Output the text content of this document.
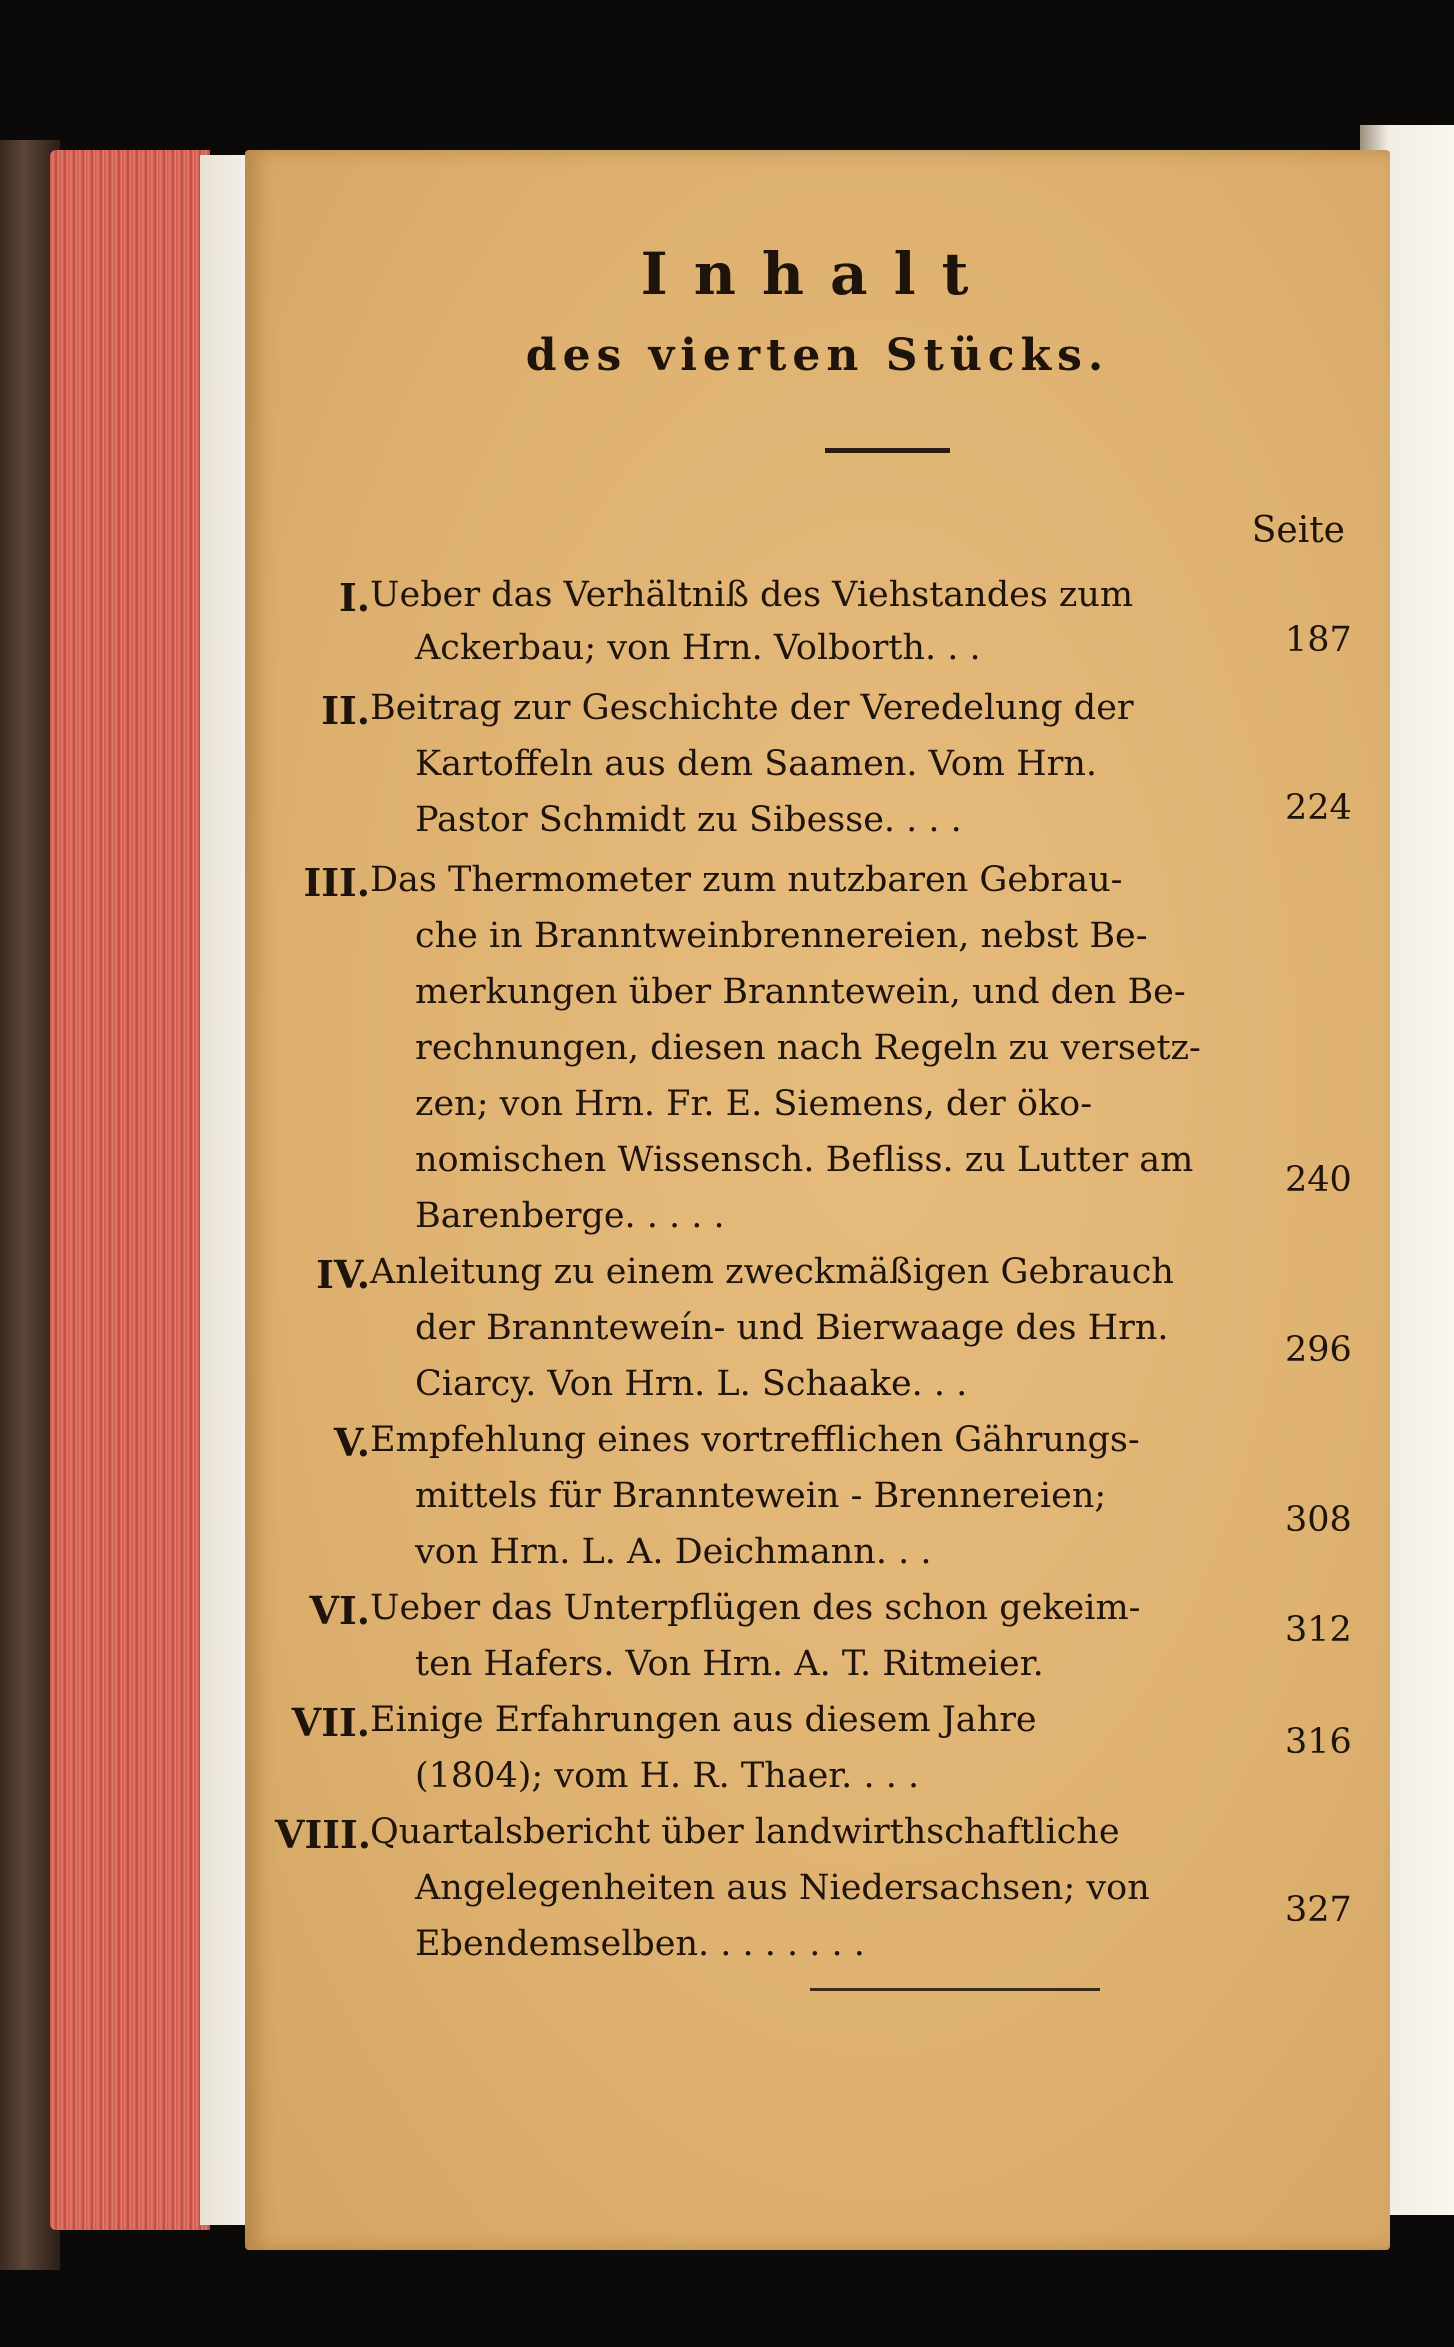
Inhalt
des vierten Stücks.
Seite
I. Ueber das Verhältniß des Viehstandes zum
Ackerbau; von Hrn. Volborth. . .	187
II. Beitrag zur Geschichte der Veredelung der
Kartoffeln aus dem Saamen. Vom Hrn.
Pastor Schmidt zu Sibesse. . . .	224
III. Das Thermometer zum nutzbaren Gebrau-
che in Branntweinbrennereien, nebst Be-
merkungen über Branntewein, und den Be-
rechnungen, diesen nach Regeln zu versetz-
zen; von Hrn. Fr. E. Siemens, der öko-
nomischen Wissensch. Befliss. zu Lutter am
Barenberge. . . . .
240
IV. Anleitung zu einem zweckmäßigen Gebrauch
der Brannteweín- und Bierwaage des Hrn.
Ciarcy. Von Hrn. L. Schaake. . .
296
V. Empfehlung eines vortrefflichen Gährungs-
mittels für Branntewein - Brennereien;
von Hrn. L. A. Deichmann. . .
308
VI. Ueber das Unterpflügen des schon gekeim-
ten Hafers. Von Hrn. A. T. Ritmeier.
312
VII. Einige Erfahrungen aus diesem Jahre
(1804); vom H. R. Thaer. . . .
316
VIII.
Quartalsbericht über landwirthschaftliche
Angelegenheiten aus Niedersachsen; von
Ebendemselben. . . . . . . .
327
